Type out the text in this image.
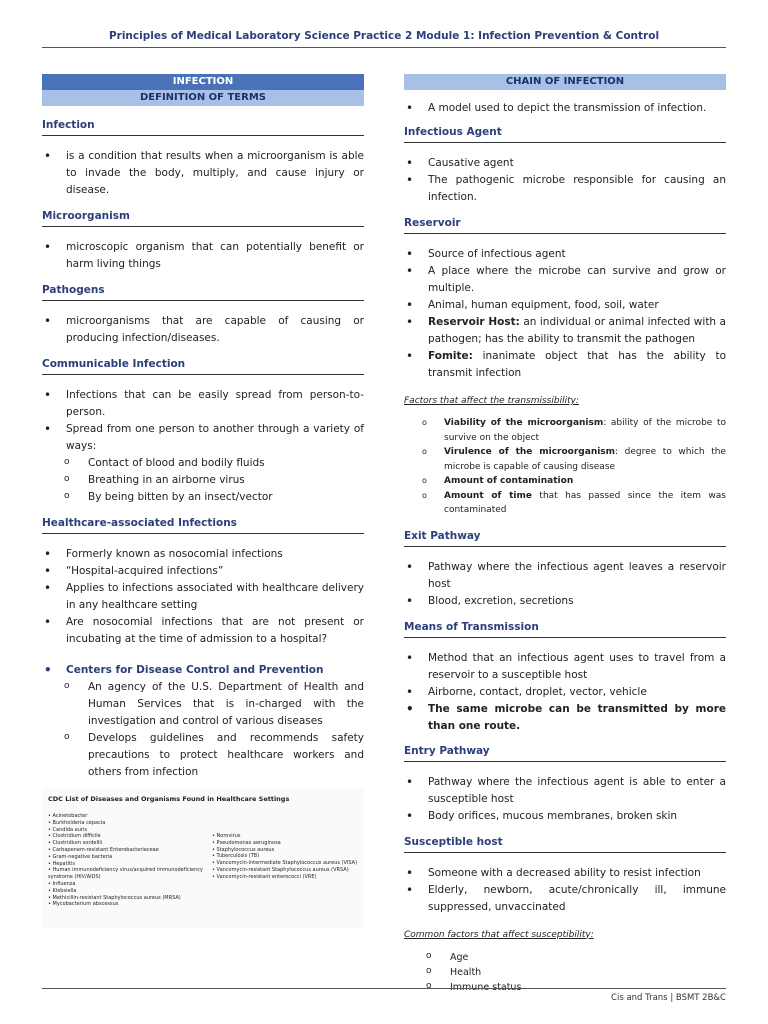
Principles of Medical Laboratory Science Practice 2 Module 1: Infection Prevention & Control
INFECTION
DEFINITION OF TERMS
Infection
• is a condition that results when a microorganism is able to invade the body, multiply, and cause injury or disease.
Microorganism
• microscopic organism that can potentially benefit or harm living things
Pathogens
• microorganisms that are capable of causing or producing infection/diseases.
Communicable Infection
• Infections that can be easily spread from person-to-person.
• Spread from one person to another through a variety of ways:
o Contact of blood and bodily fluids
o Breathing in an airborne virus
o By being bitten by an insect/vector
Healthcare-associated Infections
• Formerly known as nosocomial infections
• “Hospital-acquired infections”
• Applies to infections associated with healthcare delivery in any healthcare setting
• Are nosocomial infections that are not present or incubating at the time of admission to a hospital?
• Centers for Disease Control and Prevention
o An agency of the U.S. Department of Health and Human Services that is in-charged with the investigation and control of various diseases
o Develops guidelines and recommends safety precautions to protect healthcare workers and others from infection
CDC List of Diseases and Organisms Found in Healthcare Settings
• Acinetobacter
• Burkholderia cepacia
• Candida auris
• Clostridium difficile
• Clostridium sordellii
• Carbapenem-resistant Enterobacteriaceae
• Gram-negative bacteria
• Hepatitis
• Human immunodeficiency virus/acquired immunodeficiency syndrome (HIV/AIDS)
• Influenza
• Klebsiella
• Methicillin-resistant Staphylococcus aureus (MRSA)
• Mycobacterium abscessus
• Norovirus
• Pseudomonas aeruginosa
• Staphylococcus aureus
• Tuberculosis (TB)
• Vancomycin-intermediate Staphylococcus aureus (VISA)
• Vancomycin-resistant Staphylococcus aureus (VRSA)
• Vancomycin-resistant enterococci (VRE)
CHAIN OF INFECTION
• A model used to depict the transmission of infection.
Infectious Agent
• Causative agent
• The pathogenic microbe responsible for causing an infection.
Reservoir
• Source of infectious agent
• A place where the microbe can survive and grow or multiple.
• Animal, human equipment, food, soil, water
• Reservoir Host: an individual or animal infected with a pathogen; has the ability to transmit the pathogen
• Fomite: inanimate object that has the ability to transmit infection
Factors that affect the transmissibility:
o Viability of the microorganism: ability of the microbe to survive on the object
o Virulence of the microorganism: degree to which the microbe is capable of causing disease
o Amount of contamination
o Amount of time that has passed since the item was contaminated
Exit Pathway
• Pathway where the infectious agent leaves a reservoir host
• Blood, excretion, secretions
Means of Transmission
• Method that an infectious agent uses to travel from a reservoir to a susceptible host
• Airborne, contact, droplet, vector, vehicle
• The same microbe can be transmitted by more than one route.
Entry Pathway
• Pathway where the infectious agent is able to enter a susceptible host
• Body orifices, mucous membranes, broken skin
Susceptible host
• Someone with a decreased ability to resist infection
• Elderly, newborn, acute/chronically ill, immune suppressed, unvaccinated
Common factors that affect susceptibility:
o Age
o Health
o Immune status
Cis and Trans | BSMT 2B&C
